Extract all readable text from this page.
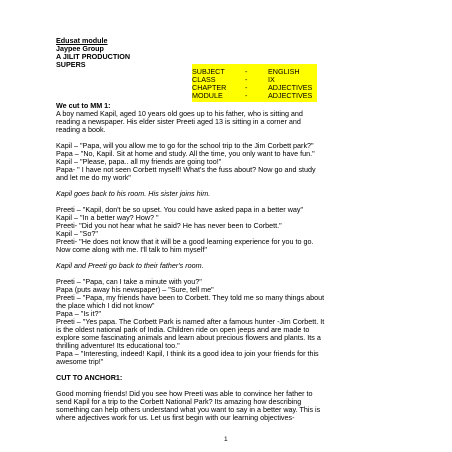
Edusat module
Jaypee Group
A JILIT PRODUCTION
SUPERS
SUBJECT	-	ENGLISH
CLASS	-	IX
CHAPTER	-	ADJECTIVES
MODULE	-	ADJECTIVES
We cut to MM 1:
A boy named Kapil, aged 10 years old goes up to his father, who is sitting and
reading a newspaper. His elder sister Preeti aged 13 is sitting in a corner and
reading a book.
Kapil – "Papa, will you allow me to go for the school trip to the Jim Corbett park?"
Papa – "No, Kapil. Sit at home and study. All the time, you only want to have fun."
Kapil – "Please, papa.. all my friends are going too!"
Papa- " I have not seen Corbett myself! What's the fuss about? Now go and study
and let me do my work"
Kapil goes back to his room. His sister joins him.
Preeti – "Kapil, don't be so upset. You could have asked papa in a better way"
Kapil – "In a better way? How? "
Preeti- "Did you not hear what he said? He has never been to Corbett."
Kapil – "So?"
Preeti- "He does not know that it will be a good learning experience for you to go.
Now come along with me. I'll talk to him myself"
Kapil and Preeti go back to their father's room.
Preeti – "Papa, can I take a minute with you?"
Papa (puts away his newspaper) – "Sure, tell me"
Preeti – "Papa, my friends have been to Corbett. They told me so many things about
the place which I did not know"
Papa – "Is it?"
Preeti – "Yes papa. The Corbett Park is named after a famous hunter -Jim Corbett. It
is the oldest national park of India. Children ride on open jeeps and are made to
explore some fascinating animals and learn about precious flowers and plants. Its a
thrilling adventure! Its educational too."
Papa – "Interesting, indeed! Kapil, I think its a good idea to join your friends for this
awesome trip!"
CUT TO ANCHOR1:
Good morning friends! Did you see how Preeti was able to convince her father to
send Kapil for a trip to the Corbett National Park? Its amazing how describing
something can help others understand what you want to say in a better way. This is
where adjectives work for us. Let us first begin with our learning objectives-
1
